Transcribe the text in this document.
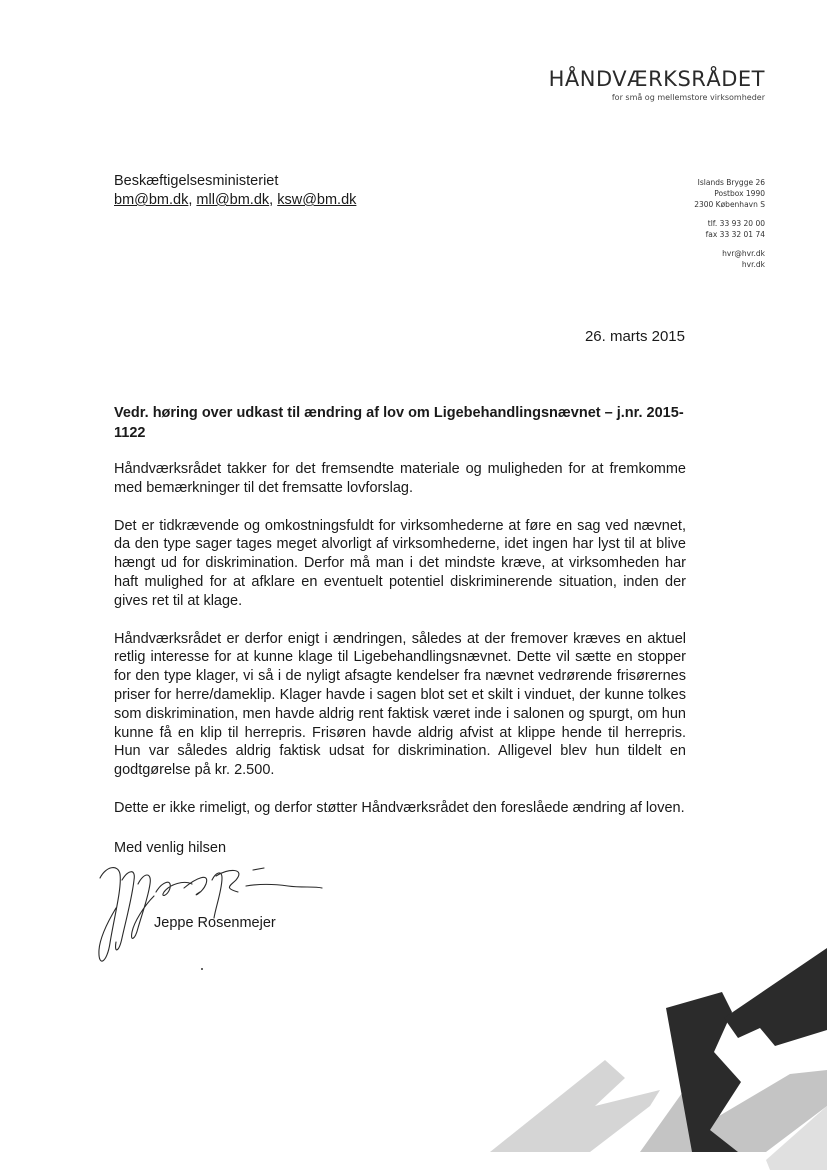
HÅNDVÆRKSRÅDET
for små og mellemstore virksomheder
Beskæftigelsesministeriet
bm@bm.dk, mll@bm.dk, ksw@bm.dk
Islands Brygge 26
Postbox 1990
2300 København S
tlf. 33 93 20 00
fax 33 32 01 74
hvr@hvr.dk
hvr.dk
26. marts 2015
Vedr. høring over udkast til ændring af lov om Ligebehandlingsnævnet – j.nr. 2015-1122

Håndværksrådet takker for det fremsendte materiale og muligheden for at fremkomme med bemærkninger til det fremsatte lovforslag.

Det er tidkrævende og omkostningsfuldt for virksomhederne at føre en sag ved nævnet, da den type sager tages meget alvorligt af virksomhederne, idet ingen har lyst til at blive hængt ud for diskrimination. Derfor må man i det mindste kræve, at virksomheden har haft mulighed for at afklare en eventuelt potentiel diskriminerende situation, inden der gives ret til at klage.

Håndværksrådet er derfor enigt i ændringen, således at der fremover kræves en aktuel retlig interesse for at kunne klage til Ligebehandlingsnævnet. Dette vil sætte en stopper for den type klager, vi så i de nyligt afsagte kendelser fra nævnet vedrørende frisørernes priser for herre/dameklip. Klager havde i sagen blot set et skilt i vinduet, der kunne tolkes som diskrimination, men havde aldrig rent faktisk været inde i salonen og spurgt, om hun kunne få en klip til herrepris. Frisøren havde aldrig afvist at klippe hende til herrepris. Hun var således aldrig faktisk udsat for diskrimination. Alligevel blev hun tildelt en godtgørelse på kr. 2.500.

Dette er ikke rimeligt, og derfor støtter Håndværksrådet den foreslåede ændring af loven.

Med venlig hilsen
Jeppe Rosenmejer
